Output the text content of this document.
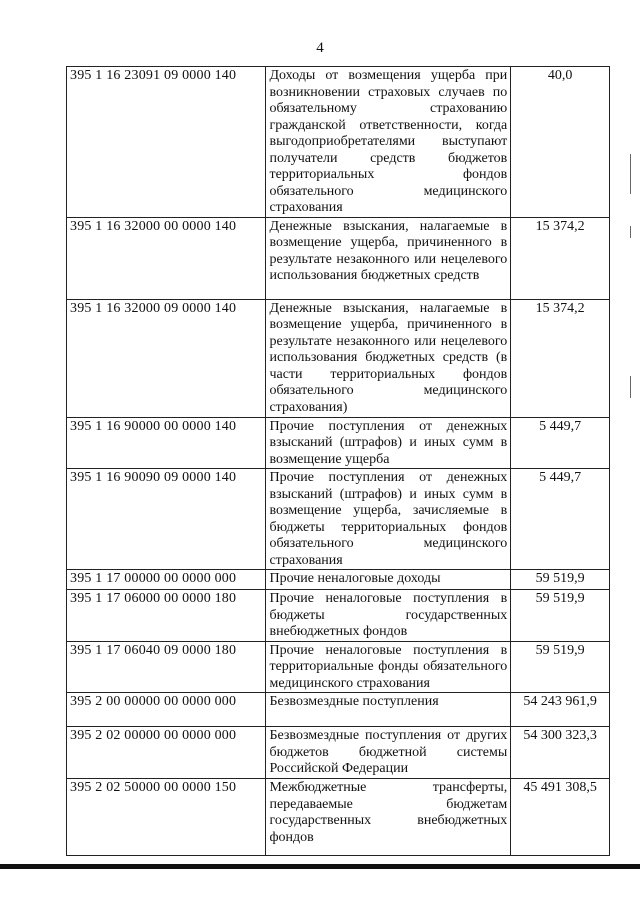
4
395 1 16 23091 09 0000 140	Доходы от возмещения ущерба при возникновении страховых случаев по обязательному страхованию гражданской ответственности, когда выгодоприобретателями выступают получатели средств бюджетов территориальных фондов обязательного медицинского страхования	40,0
395 1 16 32000 00 0000 140	Денежные взыскания, налагаемые в возмещение ущерба, причиненного в результате незаконного или нецелевого использования бюджетных средств	15 374,2
395 1 16 32000 09 0000 140	Денежные взыскания, налагаемые в возмещение ущерба, причиненного в результате незаконного или нецелевого использования бюджетных средств (в части территориальных фондов обязательного медицинского страхования)	15 374,2
395 1 16 90000 00 0000 140	Прочие поступления от денежных взысканий (штрафов) и иных сумм в возмещение ущерба	5 449,7
395 1 16 90090 09 0000 140	Прочие поступления от денежных взысканий (штрафов) и иных сумм в возмещение ущерба, зачисляемые в бюджеты территориальных фондов обязательного медицинского страхования	5 449,7
395 1 17 00000 00 0000 000	Прочие неналоговые доходы	59 519,9
395 1 17 06000 00 0000 180	Прочие неналоговые поступления в бюджеты государственных внебюджетных фондов	59 519,9
395 1 17 06040 09 0000 180	Прочие неналоговые поступления в территориальные фонды обязательного медицинского страхования	59 519,9
395 2 00 00000 00 0000 000	Безвозмездные поступления	54 243 961,9
395 2 02 00000 00 0000 000	Безвозмездные поступления от других бюджетов бюджетной системы Российской Федерации	54 300 323,3
395 2 02 50000 00 0000 150	Межбюджетные трансферты, передаваемые бюджетам государственных внебюджетных фондов	45 491 308,5
